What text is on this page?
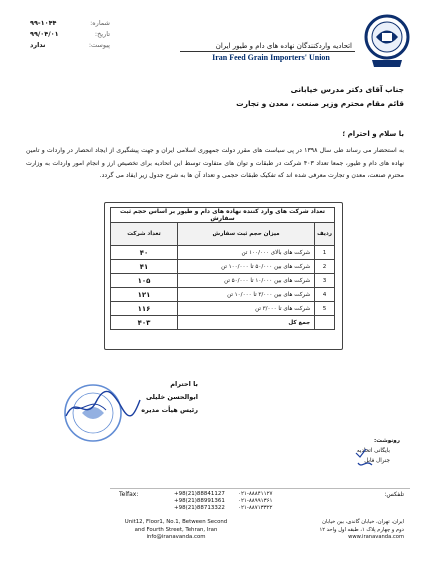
شماره:
۹۹-۱۰۴۴
تاریخ:
۹۹/۰۴/۰۱
پیوست:
ندارد	اتحادیه واردکنندگان نهاده های دام و طیور ایران
Iran Feed Grain Importers' Union
جناب آقای دکتر مدرس خیابانی
قائم مقام محترم وزیر صنعت ، معدن و تجارت
با سلام و احترام ؛
به استحضار می رساند طی سال ۱۳۹۸ در پی سیاست های مقرر دولت جمهوری اسلامی ایران و جهت پیشگیری از ایجاد انحصار در واردات و تامین نهاده های دام و طیور، جمعا تعداد ۴۰۳ شرکت در طبقات و توان های متفاوت توسط این اتحادیه برای تخصیص ارز و انجام امور واردات به وزارت محترم صنعت، معدن و تجارت معرفی شده اند که تفکیک طبقات حجمی و تعداد آن ها به شرح جدول زیر ایفاد می گردد.
تعداد شرکت های وارد کننده نهاده های دام و طیور بر اساس حجم ثبت سفارش		
ردیف	میزان حجم ثبت سفارش	تعداد شرکت
1	شرکت های بالای ۱۰۰/۰۰۰ تن	۴۰
2	شرکت های بین ۵۰/۰۰۰ تا ۱۰۰/۰۰۰ تن	۴۱
3	شرکت های بین ۱۰/۰۰۰ تا ۵۰/۰۰۰ تن	۱۰۵
4	شرکت های بین ۳/۰۰۰ تا ۱۰/۰۰۰ تن	۱۲۱
5	شرکت های تا ۳/۰۰۰ تن	۱۱۶
	جمع کل	۴۰۳
با احترام
ابوالحسن خلیلی
رئیس هیأت مدیره
رونوشت:
بایگانی اتحادیه
جنرال فایل
Telfax:	+98(21)88841127
+98(21)88991361
+98(21)88713322
۰۲۱-۸۸۸۴۱۱۲۷
۰۲۱-۸۸۹۹۱۳۶۱
۰۲۱-۸۸۷۱۳۳۲۲
تلفکس:
Unit12, Floor1, No.1, Between Second
and Fourth Street, Tehran, Iran
info@iranavanda.com
ایران، تهران، خیابان گاندی، بین خیابان
دوم و چهارم پلاک ۱، طبقه اول واحد ۱۲
www.iranavanda.com
